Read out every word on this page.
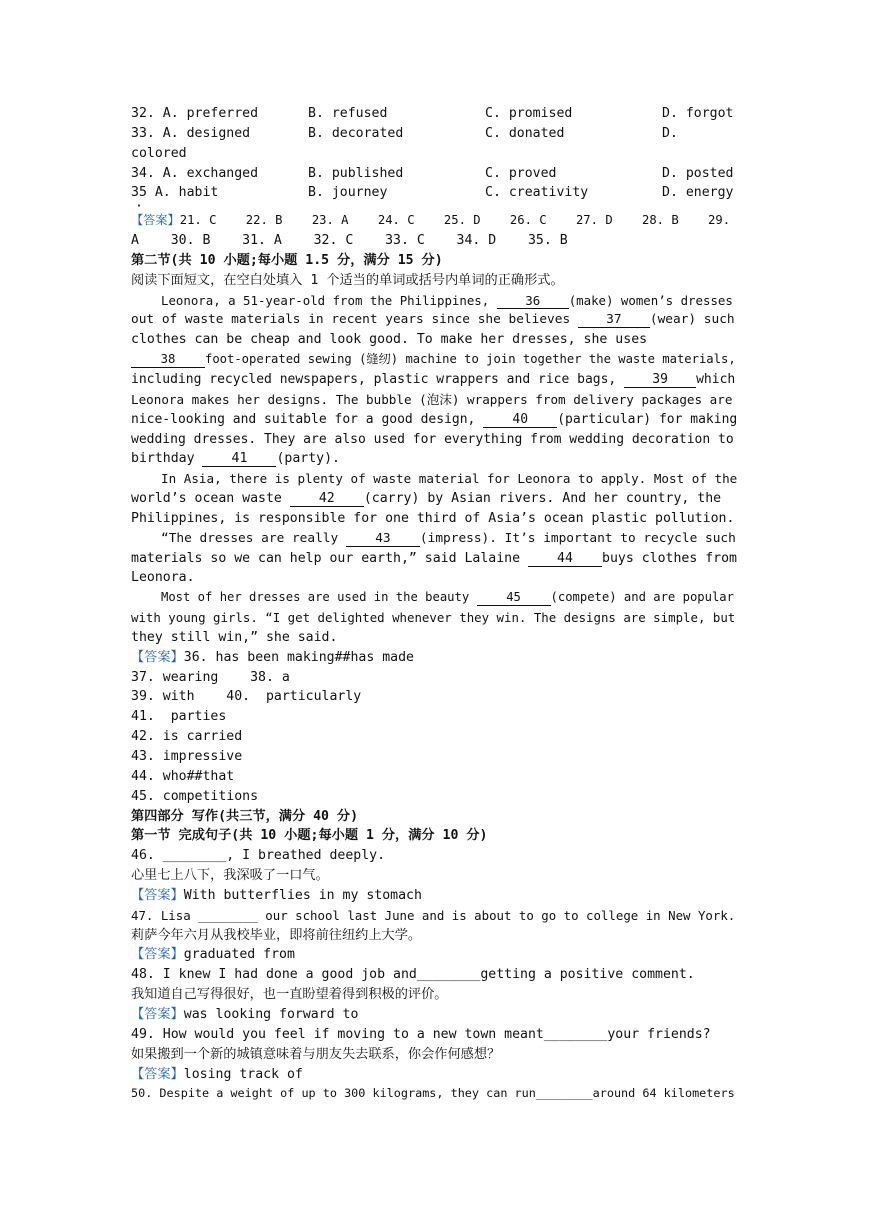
32. A. preferred	B. refused	C. promised	D. forgot
33. A. designed	B. decorated	C. donated	D.
colored
34. A. exchanged	B. published	C. proved	D. posted
35 A. habit	B. journey	C. creativity	D. energy
·
【答案】21. C    22. B    23. A    24. C    25. D    26. C    27. D    28. B    29.
A    30. B    31. A    32. C    33. C    34. D    35. B
第二节(共 10 小题;每小题 1.5 分，满分 15 分)
阅读下面短文，在空白处填入 1 个适当的单词或括号内单词的正确形式。
Leonora, a 51-year-old from the Philippines,	36 (make) women’s dresses
out of waste materials in recent years since she believes	37 (wear) such
clothes can be cheap and look good. To make her dresses, she uses
38 foot-operated sewing (缝纫) machine to join together the waste materials,
including recycled newspapers, plastic wrappers and rice bags,	39 which
Leonora makes her designs. The bubble (泡沫) wrappers from delivery packages are
nice-looking and suitable for a good design,	40 (particular) for making
wedding dresses. They are also used for everything from wedding decoration to
birthday	41 (party).
In Asia, there is plenty of waste material for Leonora to apply. Most of the
world’s ocean waste	42 (carry) by Asian rivers. And her country, the
Philippines, is responsible for one third of Asia’s ocean plastic pollution.
“The dresses are really	43 (impress). It’s important to recycle such
materials so we can help our earth,” said Lalaine	44 buys clothes from
Leonora.
Most of her dresses are used in the beauty	45 (compete) and are popular
with young girls. “I get delighted whenever they win. The designs are simple, but
they still win,” she said.
【答案】36. has been making##has made
37. wearing    38. a
39. with    40.  particularly
41.  parties
42. is carried
43. impressive
44. who##that
45. competitions
第四部分 写作(共三节，满分 40 分)
第一节 完成句子(共 10 小题;每小题 1 分，满分 10 分)
46. ________, I breathed deeply.
心里七上八下，我深吸了一口气。
【答案】With butterflies in my stomach
47. Lisa ________ our school last June and is about to go to college in New York.
莉萨今年六月从我校毕业，即将前往纽约上大学。
【答案】graduated from
48. I knew I had done a good job and________getting a positive comment.
我知道自己写得很好，也一直盼望着得到积极的评价。
【答案】was looking forward to
49. How would you feel if moving to a new town meant________your friends?
如果搬到一个新的城镇意味着与朋友失去联系，你会作何感想？
【答案】losing track of
50. Despite a weight of up to 300 kilograms, they can run________around 64 kilometers
